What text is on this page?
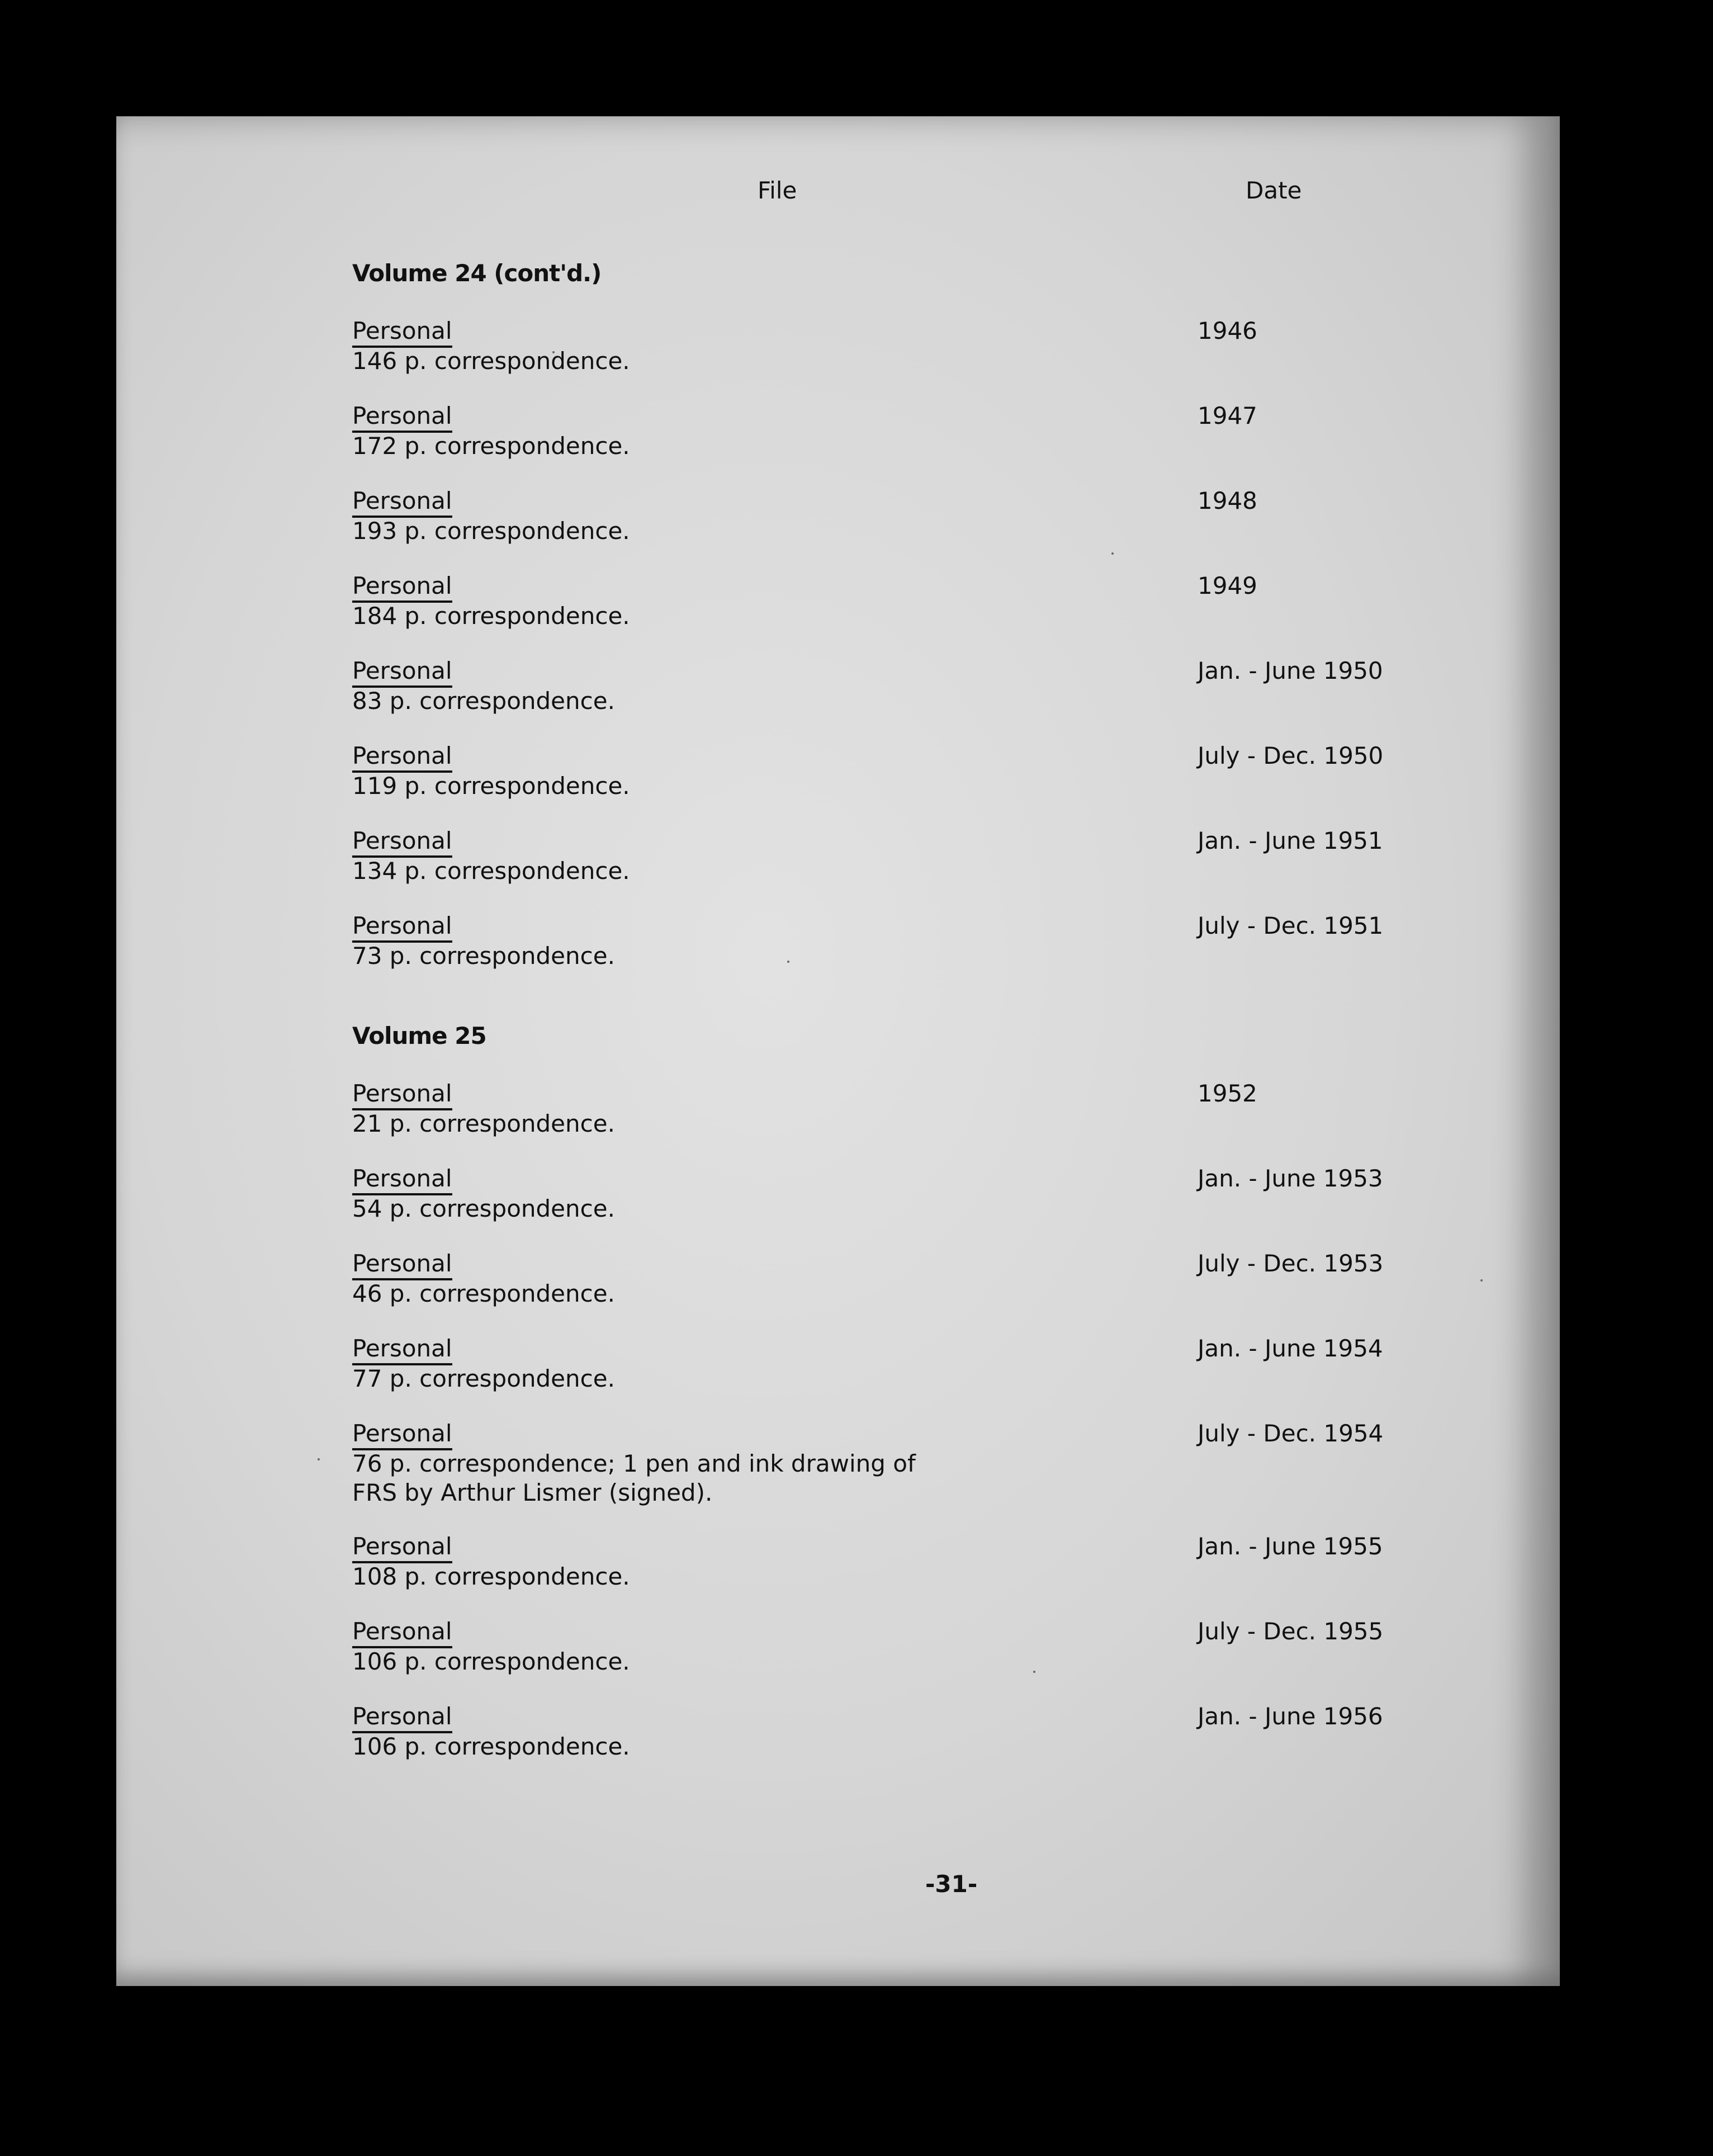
File	Date
Volume 24 (cont'd.)
Personal
146 p. correspondence.
1946
Personal
172 p. correspondence.
1947
Personal
193 p. correspondence.
1948
Personal
184 p. correspondence.
1949
Personal
83 p. correspondence.
Jan. - June 1950
Personal
119 p. correspondence.
July - Dec. 1950
Personal
134 p. correspondence.
Jan. - June 1951
Personal
73 p. correspondence.
July - Dec. 1951
Volume 25
Personal
21 p. correspondence.
1952
Personal
54 p. correspondence.
Jan. - June 1953
Personal
46 p. correspondence.
July - Dec. 1953
Personal
77 p. correspondence.
Jan. - June 1954
Personal
76 p. correspondence; 1 pen and ink drawing of
FRS by Arthur Lismer (signed).
July - Dec. 1954
Personal
108 p. correspondence.
Jan. - June 1955
Personal
106 p. correspondence.
July - Dec. 1955
Personal
106 p. correspondence.
Jan. - June 1956
-31-
